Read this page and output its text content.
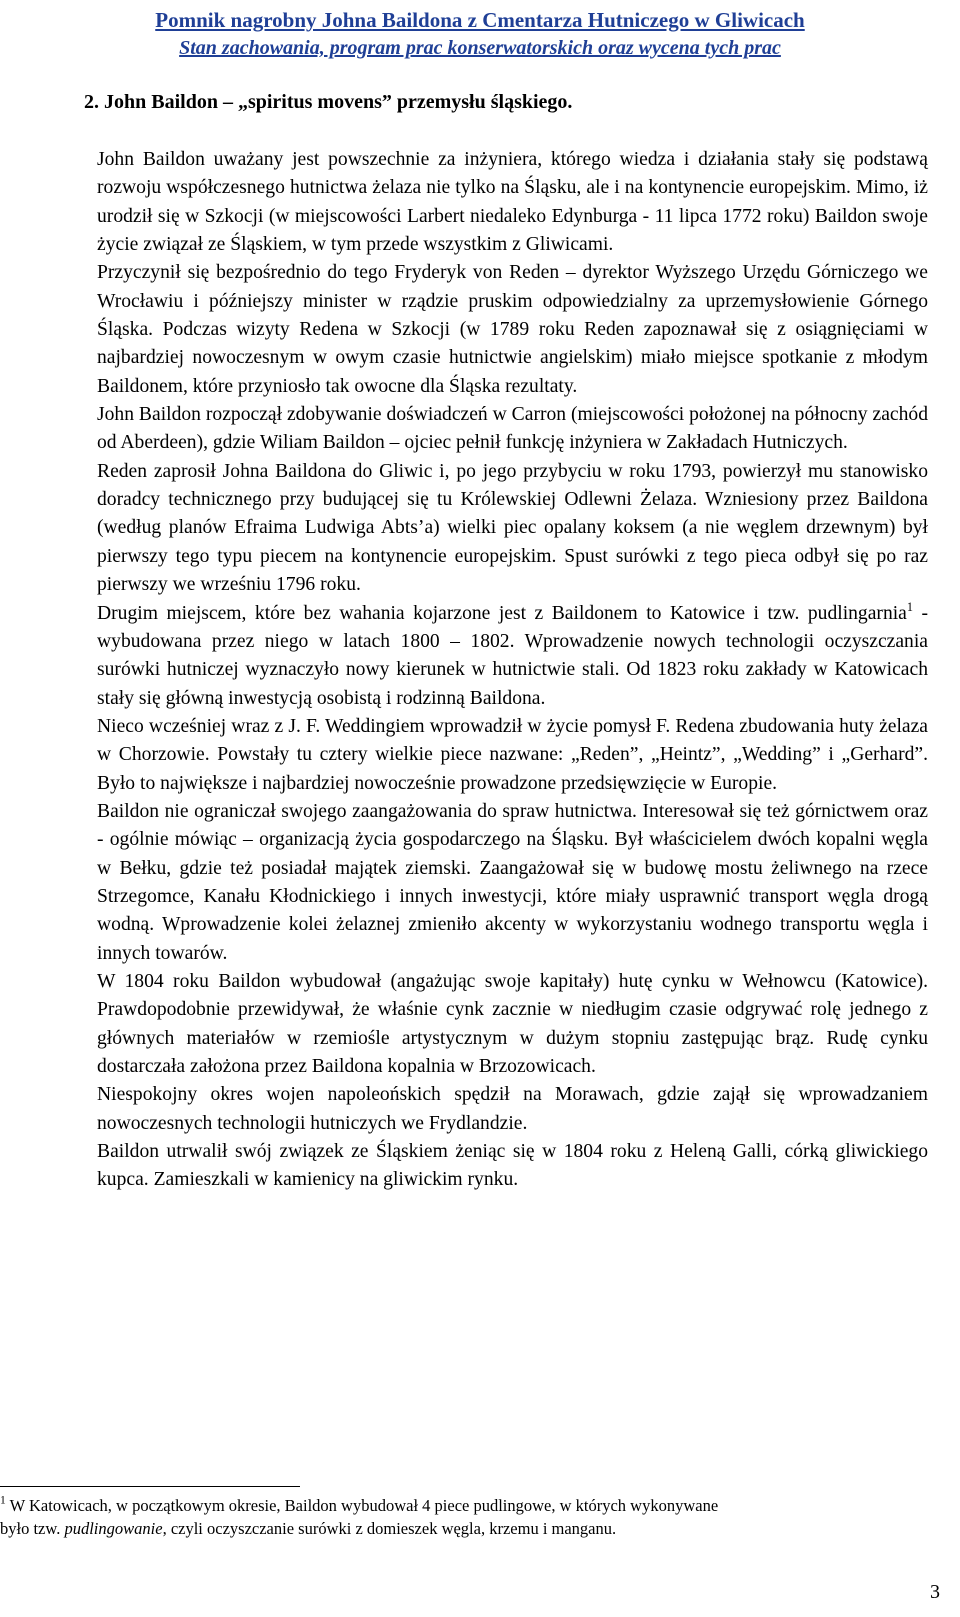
Pomnik nagrobny Johna Baildona z Cmentarza Hutniczego w Gliwicach
Stan zachowania, program prac konserwatorskich oraz wycena tych prac
2. John Baildon – „spiritus movens” przemysłu śląskiego.

John Baildon uważany jest powszechnie za inżyniera, którego wiedza i działania stały się podstawą rozwoju współczesnego hutnictwa żelaza nie tylko na Śląsku, ale i na kontynencie europejskim. Mimo, iż urodził się w Szkocji (w miejscowości Larbert niedaleko Edynburga - 11 lipca 1772 roku) Baildon swoje życie związał ze Śląskiem, w tym przede wszystkim z Gliwicami.

Przyczynił się bezpośrednio do tego Fryderyk von Reden – dyrektor Wyższego Urzędu Górniczego we Wrocławiu i późniejszy minister w rządzie pruskim odpowiedzialny za uprzemysłowienie Górnego Śląska. Podczas wizyty Redena w Szkocji (w 1789 roku Reden zapoznawał się z osiągnięciami w najbardziej nowoczesnym w owym czasie hutnictwie angielskim) miało miejsce spotkanie z młodym Baildonem, które przyniosło tak owocne dla Śląska rezultaty.

John Baildon rozpoczął zdobywanie doświadczeń w Carron (miejscowości położonej na północny zachód od Aberdeen), gdzie Wiliam Baildon – ojciec pełnił funkcję inżyniera w Zakładach Hutniczych.

Reden zaprosił Johna Baildona do Gliwic i, po jego przybyciu w roku 1793, powierzył mu stanowisko doradcy technicznego przy budującej się tu Królewskiej Odlewni Żelaza. Wzniesiony przez Baildona (według planów Efraima Ludwiga Abts’a) wielki piec opalany koksem (a nie węglem drzewnym) był pierwszy tego typu piecem na kontynencie europejskim. Spust surówki z tego pieca odbył się po raz pierwszy we wrześniu 1796 roku.

Drugim miejscem, które bez wahania kojarzone jest z Baildonem to Katowice i tzw. pudlingarnia$^1$ - wybudowana przez niego w latach 1800 – 1802. Wprowadzenie nowych technologii oczyszczania surówki hutniczej wyznaczyło nowy kierunek w hutnictwie stali. Od 1823 roku zakłady w Katowicach stały się główną inwestycją osobistą i rodzinną Baildona.

Nieco wcześniej wraz z J. F. Weddingiem wprowadził w życie pomysł F. Redena zbudowania huty żelaza w Chorzowie. Powstały tu cztery wielkie piece nazwane: „Reden”, „Heintz”, „Wedding” i „Gerhard”. Było to największe i najbardziej nowocześnie prowadzone przedsięwzięcie w Europie.

Baildon nie ograniczał swojego zaangażowania do spraw hutnictwa. Interesował się też górnictwem oraz - ogólnie mówiąc – organizacją życia gospodarczego na Śląsku. Był właścicielem dwóch kopalni węgla w Bełku, gdzie też posiadał majątek ziemski. Zaangażował się w budowę mostu żeliwnego na rzece Strzegomce, Kanału Kłodnickiego i innych inwestycji, które miały usprawnić transport węgla drogą wodną. Wprowadzenie kolei żelaznej zmieniło akcenty w wykorzystaniu wodnego transportu węgla i innych towarów.

W 1804 roku Baildon wybudował (angażując swoje kapitały) hutę cynku w Wełnowcu (Katowice). Prawdopodobnie przewidywał, że właśnie cynk zacznie w niedługim czasie odgrywać rolę jednego z głównych materiałów w rzemiośle artystycznym w dużym stopniu zastępując brąz. Rudę cynku dostarczała założona przez Baildona kopalnia w Brzozowicach.

Niespokojny okres wojen napoleońskich spędził na Morawach, gdzie zajął się wprowadzaniem nowoczesnych technologii hutniczych we Frydlandzie.

Baildon utrwalił swój związek ze Śląskiem żeniąc się w 1804 roku z Heleną Galli, córką gliwickiego kupca. Zamieszkali w kamienicy na gliwickim rynku.

$^1$ W Katowicach, w początkowym okresie, Baildon wybudował 4 piece pudlingowe, w których wykonywane

było tzw. pudlingowanie, czyli oczyszczanie surówki z domieszek węgla, krzemu i manganu.

3
